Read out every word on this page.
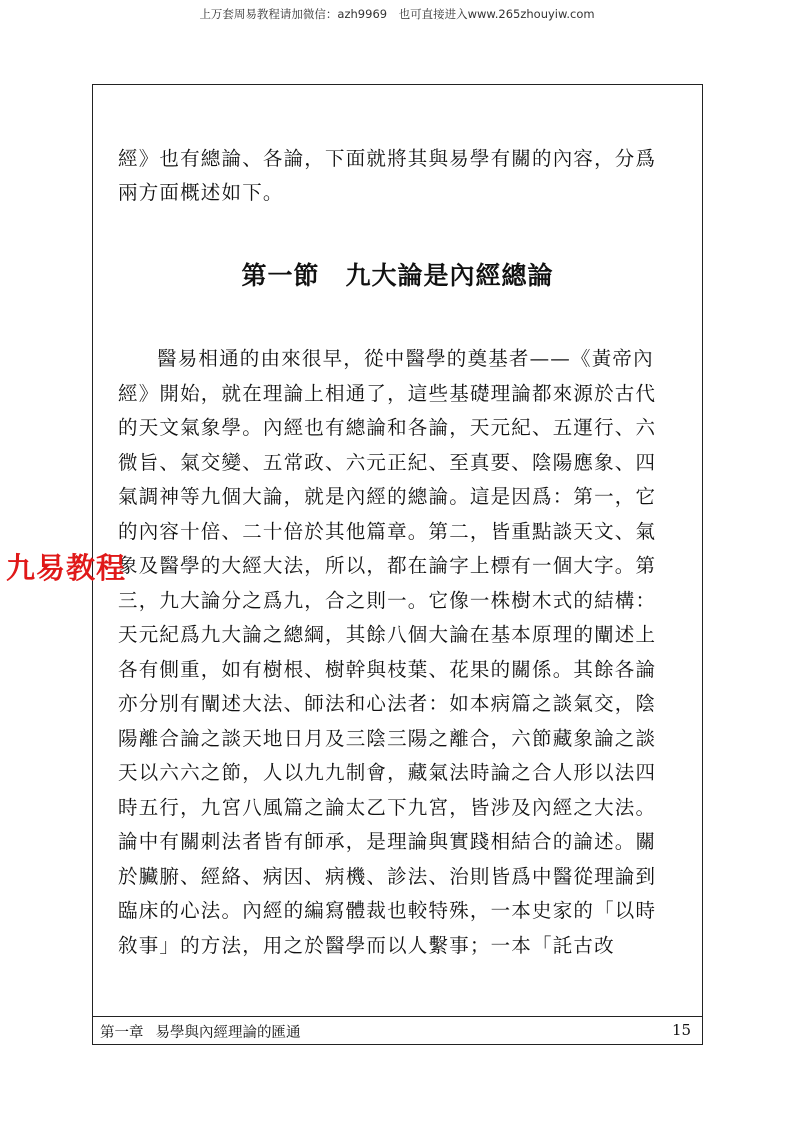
上万套周易教程请加微信：azh9969　也可直接进入www.265zhouyiw.com

經》也有總論、各論，下面就將其與易學有關的內容，分爲

兩方面概述如下。

第一節 九大論是內經總論
醫易相通的由來很早，從中醫學的奠基者——《黃帝內
經》開始，就在理論上相通了，這些基礎理論都來源於古代
的天文氣象學。內經也有總論和各論，天元紀、五運行、六
微旨、氣交變、五常政、六元正紀、至真要、陰陽應象、四
氣調神等九個大論，就是內經的總論。這是因爲：第一，它
的內容十倍、二十倍於其他篇章。第二，皆重點談天文、氣
象及醫學的大經大法，所以，都在論字上標有一個大字。第
三，九大論分之爲九，合之則一。它像一株樹木式的結構：
天元紀爲九大論之總綱，其餘八個大論在基本原理的闡述上
各有側重，如有樹根、樹幹與枝葉、花果的關係。其餘各論
亦分別有闡述大法、師法和心法者：如本病篇之談氣交，陰
陽離合論之談天地日月及三陰三陽之離合，六節藏象論之談
天以六六之節，人以九九制會，藏氣法時論之合人形以法四
時五行，九宮八風篇之論太乙下九宮，皆涉及內經之大法。
論中有關刺法者皆有師承，是理論與實踐相結合的論述。關
於臟腑、經絡、病因、病機、診法、治則皆爲中醫從理論到
臨床的心法。內經的編寫體裁也較特殊，一本史家的「以時
敘事」的方法，用之於醫學而以人繫事；一本「託古改
九易教程
第一章 易學與內經理論的匯通	15
